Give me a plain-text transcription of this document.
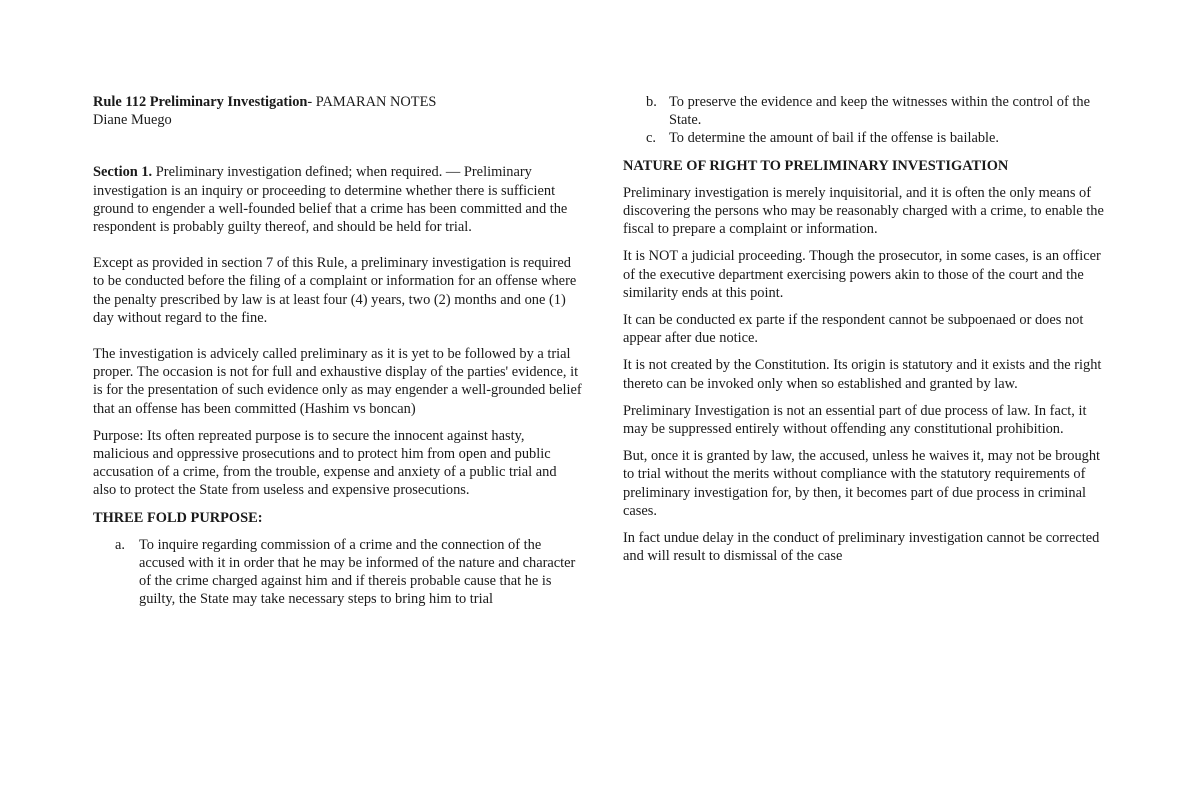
Rule 112 Preliminary Investigation- PAMARAN NOTES

Diane Muego

Section 1. Preliminary investigation defined; when required. — Preliminary investigation is an inquiry or proceeding to determine whether there is sufficient ground to engender a well-founded belief that a crime has been committed and the respondent is probably guilty thereof, and should be held for trial.

Except as provided in section 7 of this Rule, a preliminary investigation is required to be conducted before the filing of a complaint or information for an offense where the penalty prescribed by law is at least four (4) years, two (2) months and one (1) day without regard to the fine.

The investigation is advicely called preliminary as it is yet to be followed by a trial proper. The occasion is not for full and exhaustive display of the parties' evidence, it is for the presentation of such evidence only as may engender a well-grounded belief that an offense has been committed (Hashim vs boncan)

Purpose: Its often repreated purpose is to secure the innocent against hasty, malicious and oppressive prosecutions and to protect him from open and public accusation of a crime, from the trouble, expense and anxiety of a public trial and also to protect the State from useless and expensive prosecutions.

THREE FOLD PURPOSE:

a. To inquire regarding commission of a crime and the connection of the accused with it in order that he may be informed of the nature and character of the crime charged against him and if thereis probable cause that he is guilty, the State may take necessary steps to bring him to trial
b. To preserve the evidence and keep the witnesses within the control of the State.
c. To determine the amount of bail if the offense is bailable.

NATURE OF RIGHT TO PRELIMINARY INVESTIGATION

Preliminary investigation is merely inquisitorial, and it is often the only means of discovering the persons who may be reasonably charged with a crime, to enable the fiscal to prepare a complaint or information.

It is NOT a judicial proceeding. Though the prosecutor, in some cases, is an officer of the executive department exercising powers akin to those of the court and the similarity ends at this point.

It can be conducted ex parte if the respondent cannot be subpoenaed or does not appear after due notice.

It is not created by the Constitution. Its origin is statutory and it exists and the right thereto can be invoked only when so established and granted by law.

Preliminary Investigation is not an essential part of due process of law. In fact, it may be suppressed entirely without offending any constitutional prohibition.

But, once it is granted by law, the accused, unless he waives it, may not be brought to trial without the merits without compliance with the statutory requirements of preliminary investigation for, by then, it becomes part of due process in criminal cases.

In fact undue delay in the conduct of preliminary investigation cannot be corrected and will result to dismissal of the case
